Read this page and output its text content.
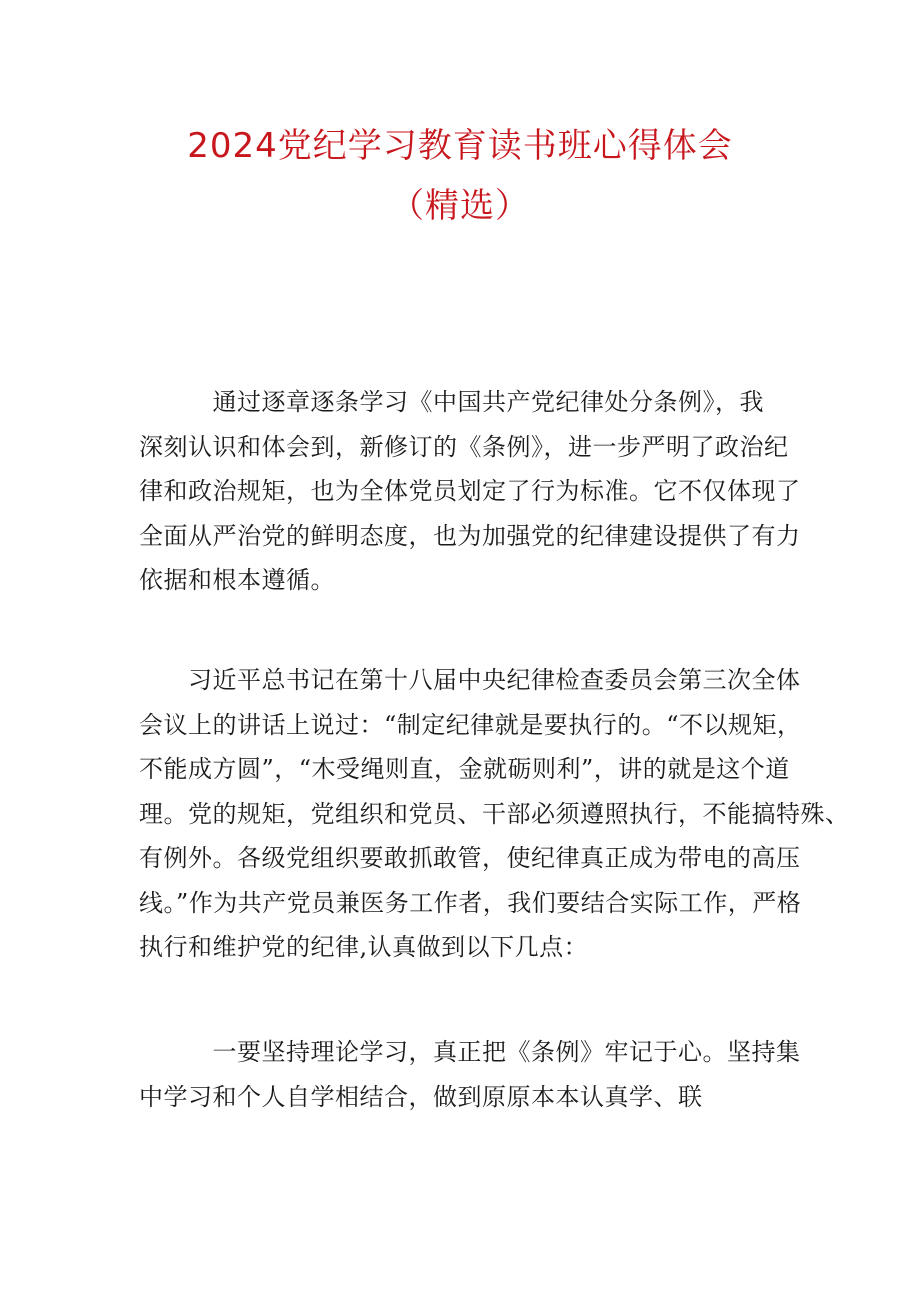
2024党纪学习教育读书班心得体会
（精选）

　　　通过逐章逐条学习《中国共产党纪律处分条例》，我
深刻认识和体会到，新修订的《条例》，进一步严明了政治纪
律和政治规矩，也为全体党员划定了行为标准。它不仅体现了
全面从严治党的鲜明态度，也为加强党的纪律建设提供了有力
依据和根本遵循。

　　习近平总书记在第十八届中央纪律检查委员会第三次全体
会议上的讲话上说过：“制定纪律就是要执行的。“不以规矩，
不能成方圆”，“木受绳则直，金就砺则利”，讲的就是这个道
理。党的规矩，党组织和党员、干部必须遵照执行，不能搞特殊、
有例外。各级党组织要敢抓敢管，使纪律真正成为带电的高压
线。”作为共产党员兼医务工作者，我们要结合实际工作，严格
执行和维护党的纪律,认真做到以下几点：

　　　一要坚持理论学习，真正把《条例》牢记于心。坚持集
中学习和个人自学相结合，做到原原本本认真学、联
